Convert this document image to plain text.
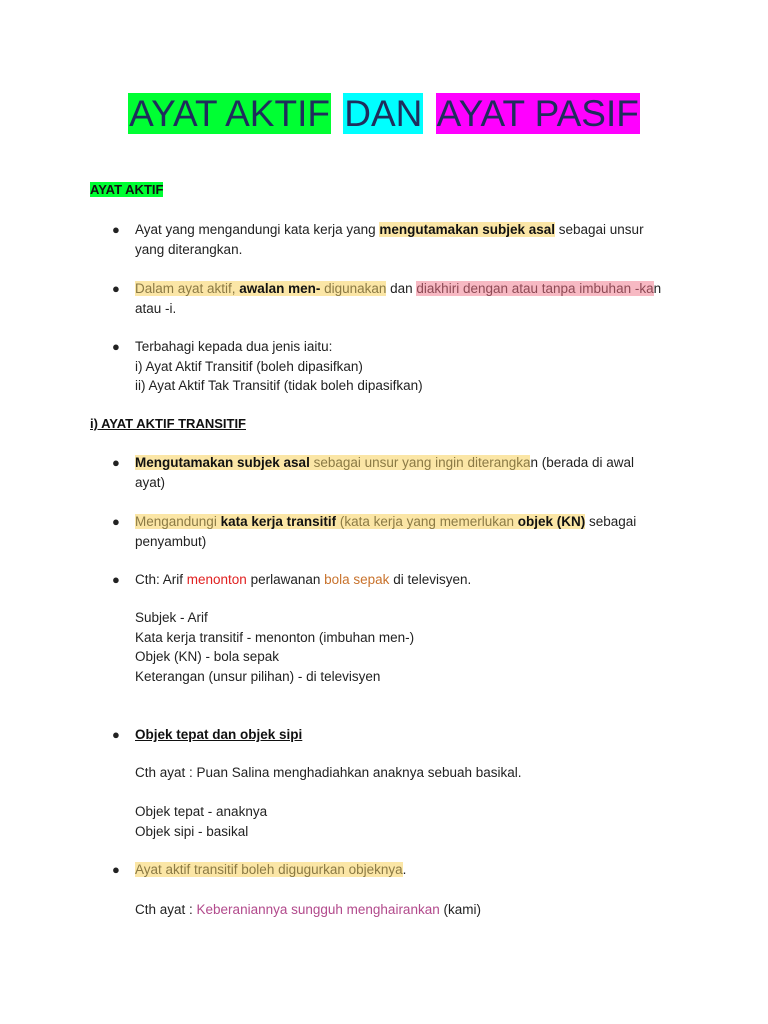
AYAT AKTIF DAN AYAT PASIF
AYAT AKTIF
●	Ayat yang mengandungi kata kerja yang mengutamakan subjek asal sebagai unsur
yang diterangkan.
●	Dalam ayat aktif, awalan men- digunakan dan diakhiri dengan atau tanpa imbuhan -kan
atau -i.
●	Terbahagi kepada dua jenis iaitu:
i) Ayat Aktif Transitif (boleh dipasifkan)
ii) Ayat Aktif Tak Transitif (tidak boleh dipasifkan)
i) AYAT AKTIF TRANSITIF
●	Mengutamakan subjek asal sebagai unsur yang ingin diterangkan (berada di awal
ayat)
●	Mengandungi kata kerja transitif (kata kerja yang memerlukan objek (KN) sebagai
penyambut)
●	Cth: Arif menonton perlawanan bola sepak di televisyen.
Subjek - Arif
Kata kerja transitif - menonton (imbuhan men-)
Objek (KN) - bola sepak
Keterangan (unsur pilihan) - di televisyen
●	Objek tepat dan objek sipi
Cth ayat : Puan Salina menghadiahkan anaknya sebuah basikal.
Objek tepat - anaknya
Objek sipi - basikal
●	Ayat aktif transitif boleh digugurkan objeknya.
Cth ayat : Keberaniannya sungguh menghairankan (kami)
